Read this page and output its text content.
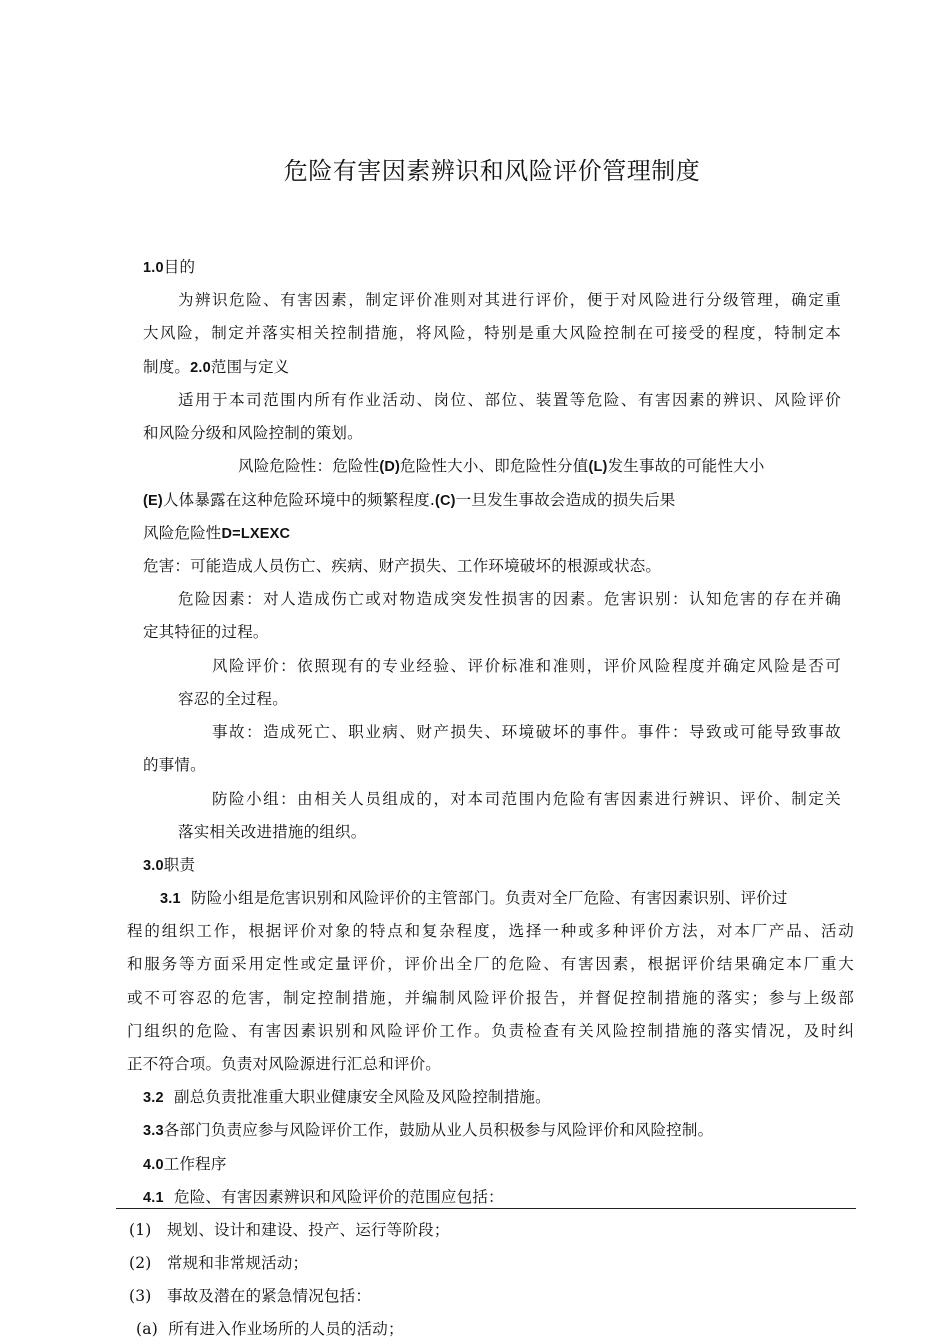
危险有害因素辨识和风险评价管理制度
1.0目的
为辨识危险、有害因素，制定评价准则对其进行评价，便于对风险进行分级管理，确定重
大风险，制定并落实相关控制措施，将风险，特别是重大风险控制在可接受的程度，特制定本
制度。2.0范围与定义
适用于本司范围内所有作业活动、岗位、部位、装置等危险、有害因素的辨识、风险评价
和风险分级和风险控制的策划。
风险危险性：危险性(D)危险性大小、即危险性分值(L)发生事故的可能性大小
(E)人体暴露在这种危险环境中的频繁程度.(C)一旦发生事故会造成的损失后果
风险危险性D=LXEXC
危害：可能造成人员伤亡、疾病、财产损失、工作环境破坏的根源或状态。
危险因素：对人造成伤亡或对物造成突发性损害的因素。危害识别：认知危害的存在并确
定其特征的过程。
风险评价：依照现有的专业经验、评价标准和准则，评价风险程度并确定风险是否可
容忍的全过程。
事故：造成死亡、职业病、财产损失、环境破坏的事件。事件：导致或可能导致事故
的事情。
防险小组：由相关人员组成的，对本司范围内危险有害因素进行辨识、评价、制定关
落实相关改进措施的组织。
3.0职责
3.1 防险小组是危害识别和风险评价的主管部门。负责对全厂危险、有害因素识别、评价过
程的组织工作，根据评价对象的特点和复杂程度，选择一种或多种评价方法，对本厂产品、活动
和服务等方面采用定性或定量评价，评价出全厂的危险、有害因素，根据评价结果确定本厂重大
或不可容忍的危害，制定控制措施，并编制风险评价报告，并督促控制措施的落实；参与上级部
门组织的危险、有害因素识别和风险评价工作。负责检查有关风险控制措施的落实情况，及时纠
正不符合项。负责对风险源进行汇总和评价。
3.2 副总负责批准重大职业健康安全风险及风险控制措施。
3.3各部门负责应参与风险评价工作，鼓励从业人员积极参与风险评价和风险控制。
4.0工作程序
4.1 危险、有害因素辨识和风险评价的范围应包括：
(1) 规划、设计和建设、投产、运行等阶段；
(2) 常规和非常规活动；
(3) 事故及潜在的紧急情况包括：
(a) 所有进入作业场所的人员的活动；
